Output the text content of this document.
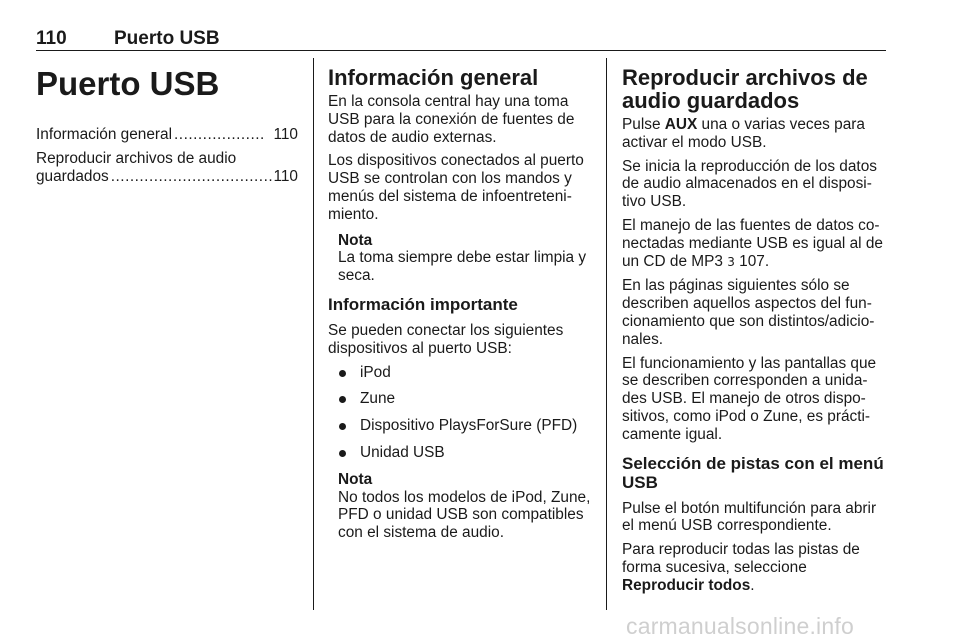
110 Puerto USB
Puerto USB
Información general ................... 110
Reproducir archivos de audio
guardados .................................. 110
Información general

En la consola central hay una toma USB para la conexión de fuentes de datos de audio externas.

Los dispositivos conectados al puerto USB se controlan con los mandos y menús del sistema de infoentreteni- miento.

Nota
La toma siempre debe estar limpia y seca.
Información importante

Se pueden conectar los siguientes dispositivos al puerto USB:

iPod
Zune
Dispositivo PlaysForSure (PFD)
Unidad USB
Nota
No todos los modelos de iPod, Zune, PFD o unidad USB son compatibles con el sistema de audio.
Reproducir archivos de audio guardados

Pulse AUX una o varias veces para activar el modo USB.

Se inicia la reproducción de los datos de audio almacenados en el disposi- tivo USB.

El manejo de las fuentes de datos co- nectadas mediante USB es igual al de un CD de MP3 3 107.

En las páginas siguientes sólo se describen aquellos aspectos del fun- cionamiento que son distintos/adicio- nales.

El funcionamiento y las pantallas que se describen corresponden a unida- des USB. El manejo de otros dispo- sitivos, como iPod o Zune, es prácti- camente igual.

Selección de pistas con el menú USB

Pulse el botón multifunción para abrir el menú USB correspondiente.

Para reproducir todas las pistas de forma sucesiva, seleccione Reproducir todos.

carmanualsonline.info
